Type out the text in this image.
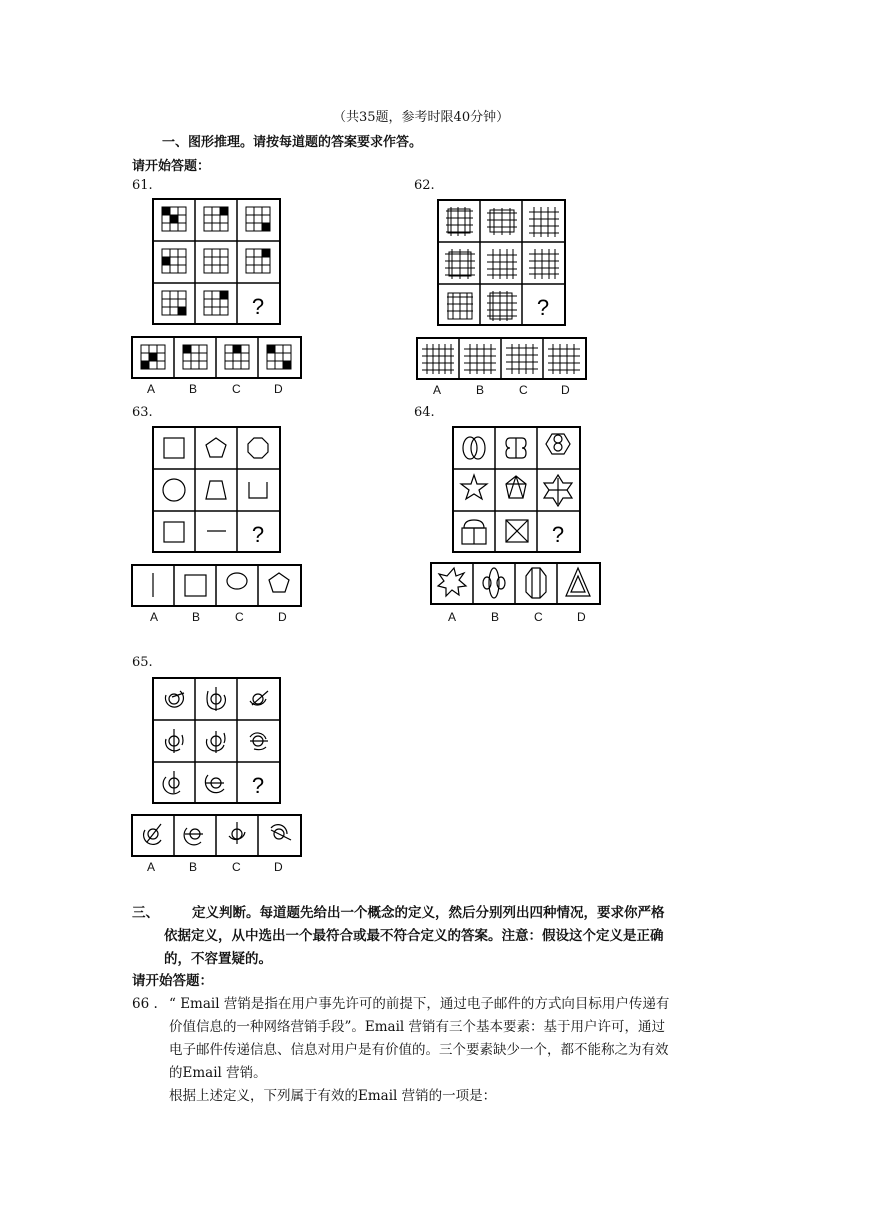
（共35题，参考时限40分钟）
一、图形推理。请按每道题的答案要求作答。
请开始答题：
61.
?
A	B	C	D
62.
?
A	B	C	D
63.
?
A	B	C	D
64.
?
A	B	C	D
65.
?
A	B	C	D
三、 定义判断。每道题先给出一个概念的定义，然后分别列出四种情况，要求你严格
依据定义，从中选出一个最符合或最不符合定义的答案。注意：假设这个定义是正确
的，不容置疑的。
请开始答题：
66 . “ Email 营销是指在用户事先许可的前提下，通过电子邮件的方式向目标用户传递有
价值信息的一种网络营销手段”。Email 营销有三个基本要素：基于用户许可，通过
电子邮件传递信息、信息对用户是有价值的。三个要素缺少一个，都不能称之为有效
的Email 营销。
根据上述定义，下列属于有效的Email 营销的一项是：
